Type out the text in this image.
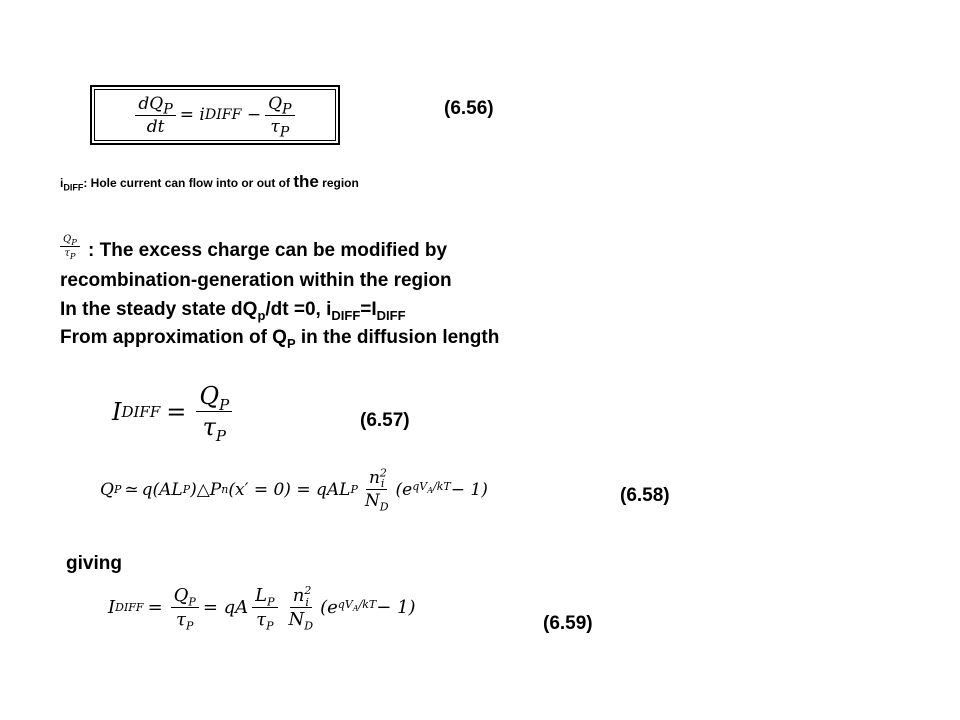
$\frac{dQ_P}{dt}$ =
i DIFF
− $\frac{Q_P}{\tau_P}$	(6.56)
$i_{DIFF}$: Hole current can flow into or out of the region
$\frac{Q_P}{\tau_P}$ : The excess charge can be modified by
recombination-generation within the region
In the steady state $dQ_p/dt =0$, $i_{DIFF}=I_{DIFF}$
From approximation of $Q_P$ in the diffusion length
I DIFF = $\frac{Q_P}{\tau_P}$	(6.57)
Q P ≃ q(AL P )△P n (x′ = 0) = qAL P $\frac{n^2_i}{N_D} (e$ $qV_A/kT - 1$)	(6.58)
giving
I DIFF = $\frac{Q_P}{\tau_P}$ = qA $\frac{L_P}{\tau_P} \frac{n^2_i}{N_D} (e$ $qV_A/kT - 1$)
(6.59)
